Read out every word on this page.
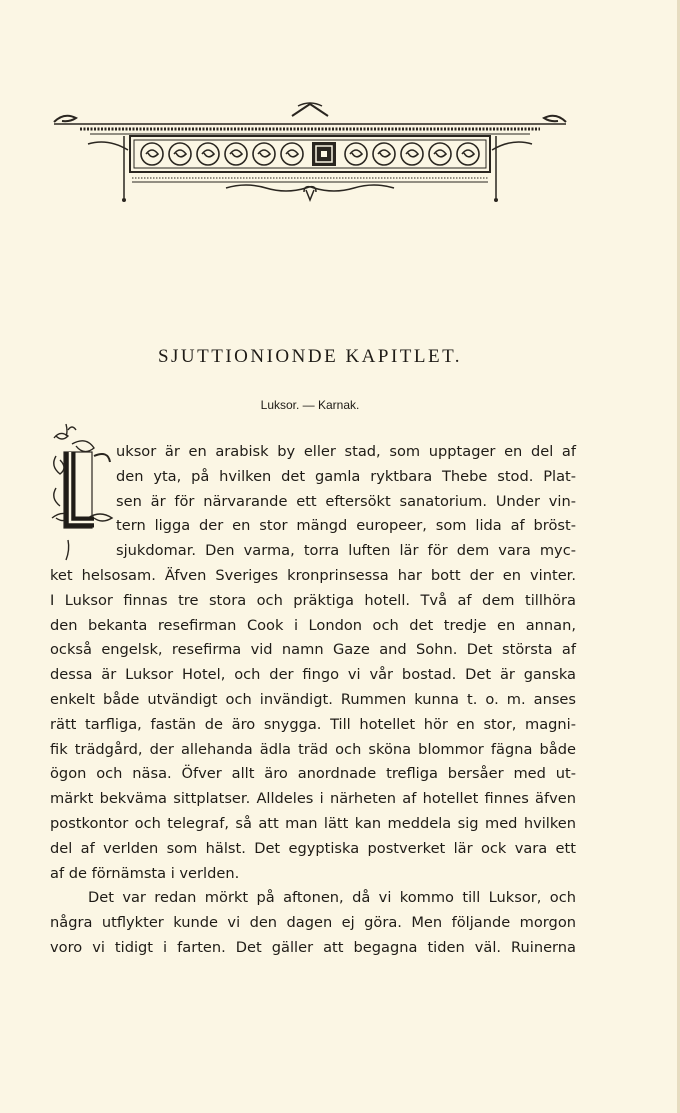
SJUTTIONIONDE KAPITLET.
Luksor. — Karnak.
L
uksor är en arabisk by eller stad, som upptager en del af
den yta, på hvilken det gamla ryktbara Thebe stod. Plat-
sen är för närvarande ett eftersökt sanatorium. Under vin-
tern ligga der en stor mängd europeer, som lida af bröst-
sjukdomar. Den varma, torra luften lär för dem vara myc-
ket helsosam. Äfven Sveriges kronprinsessa har bott der en vinter.
I Luksor finnas tre stora och präktiga hotell. Två af dem tillhöra
den bekanta resefirman Cook i London och det tredje en annan,
också engelsk, resefirma vid namn Gaze and Sohn. Det största af
dessa är Luksor Hotel, och der fingo vi vår bostad. Det är ganska
enkelt både utvändigt och invändigt. Rummen kunna t. o. m. anses
rätt tarfliga, fastän de äro snygga. Till hotellet hör en stor, magni-
fik trädgård, der allehanda ädla träd och sköna blommor fägna både
ögon och näsa. Öfver allt äro anordnade trefliga bersåer med ut-
märkt bekväma sittplatser. Alldeles i närheten af hotellet finnes äfven
postkontor och telegraf, så att man lätt kan meddela sig med hvilken
del af verlden som hälst. Det egyptiska postverket lär ock vara ett
af de förnämsta i verlden.
Det var redan mörkt på aftonen, då vi kommo till Luksor, och
några utflykter kunde vi den dagen ej göra. Men följande morgon
voro vi tidigt i farten. Det gäller att begagna tiden väl. Ruinerna
